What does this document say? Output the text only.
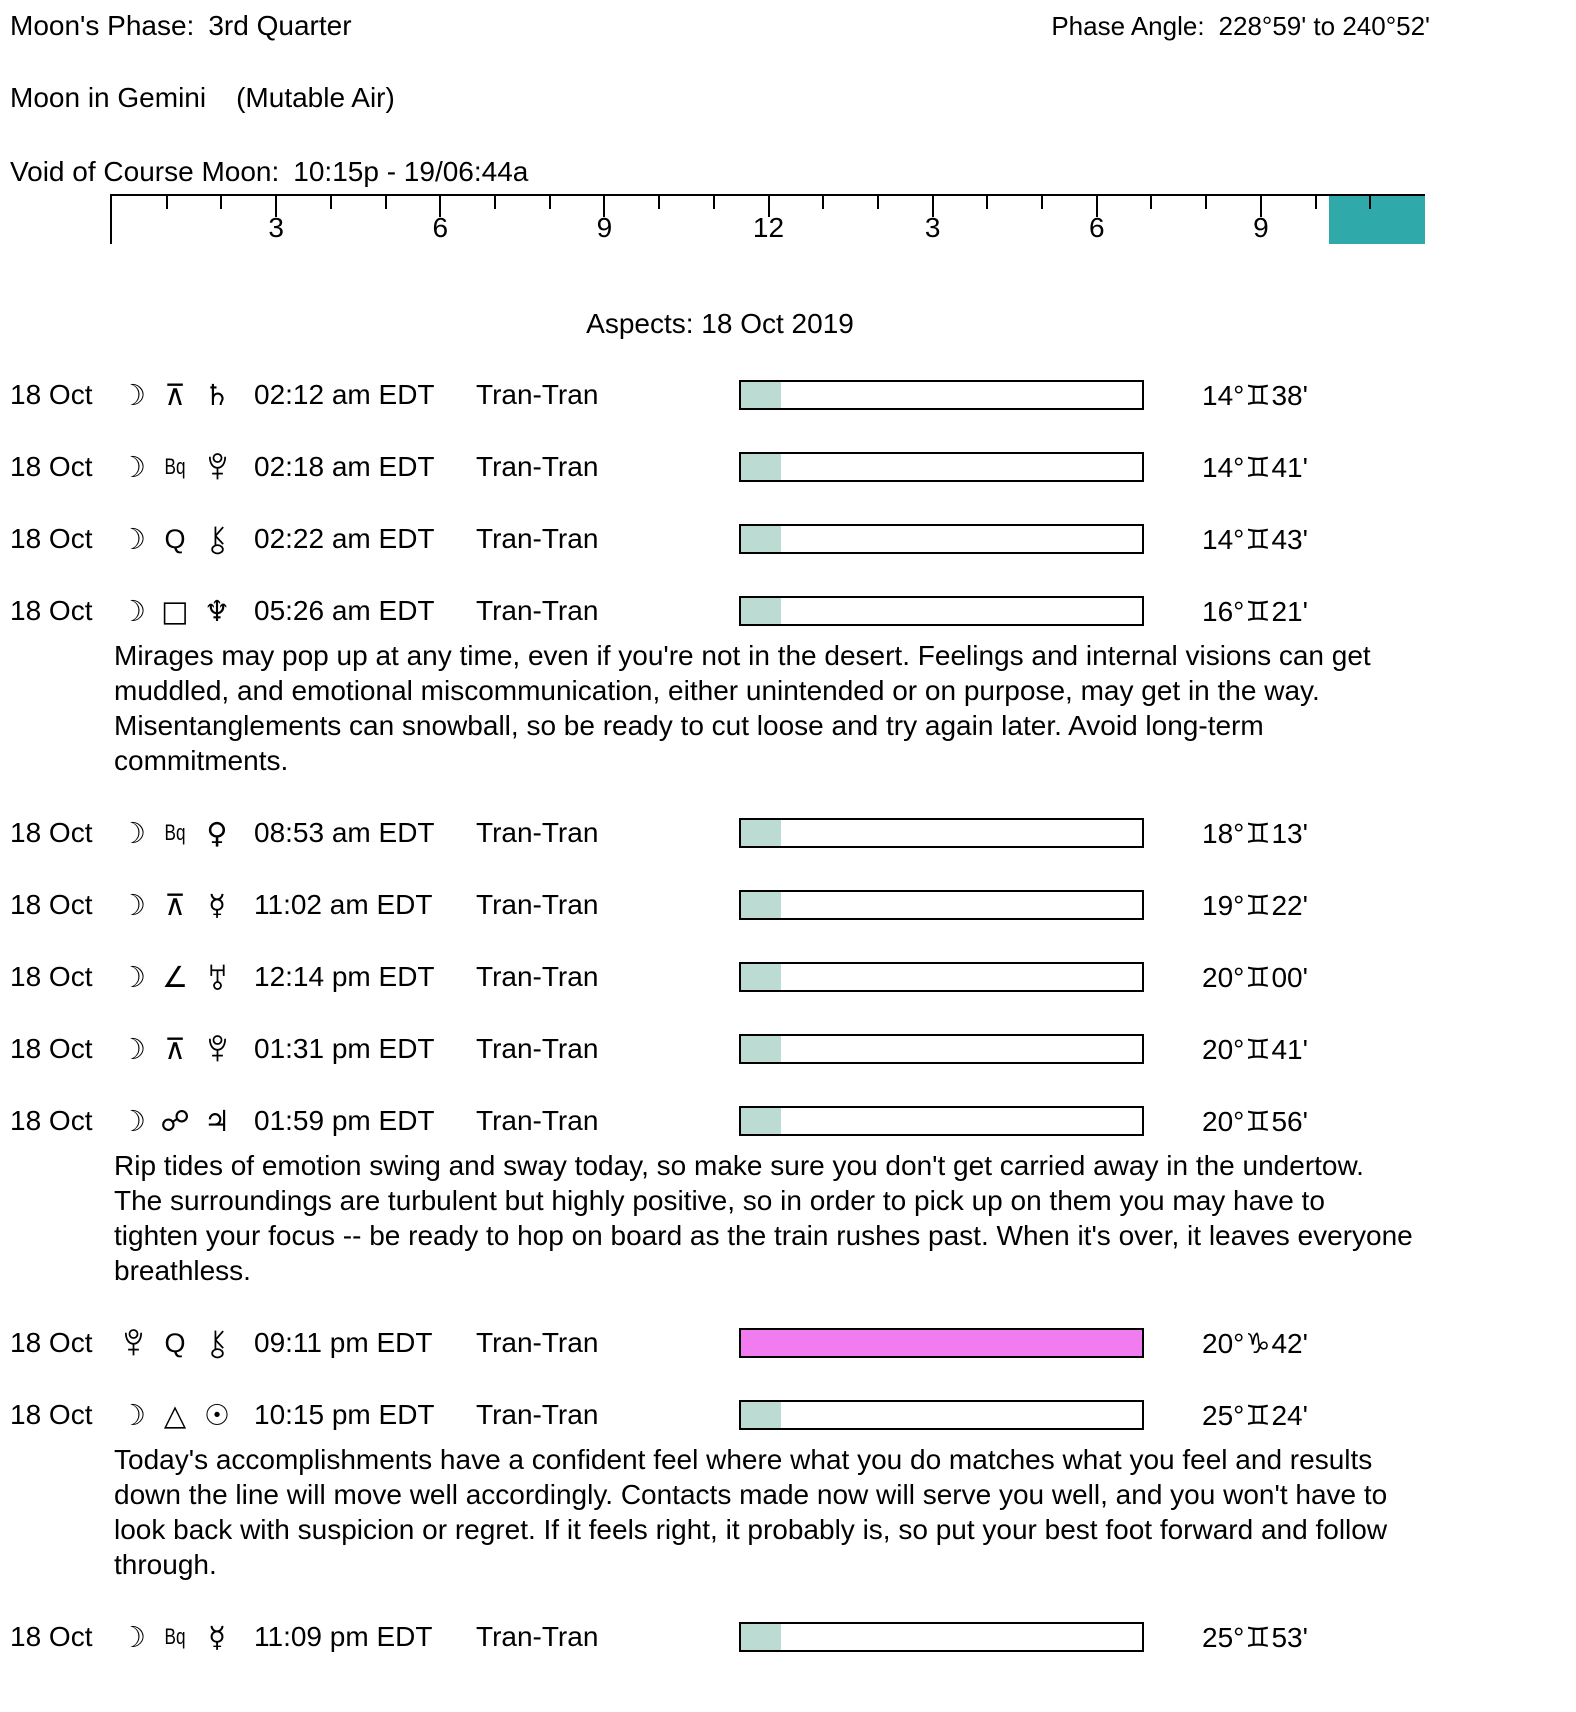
Moon's Phase: 3rd Quarter	Phase Angle: 228°59' to 240°52'
Moon in Gemini (Mutable Air)
Void of Course Moon: 10:15p - 19/06:44a
3	6	9	12	3	6	9
Aspects: 18 Oct 2019
18 Oct ☽ ⊼ ♄ 02:12 am EDT	Tran-Tran	14°♊38'
18 Oct ☽ Bq 02:18 am EDT	Tran-Tran	14°♊41'
18 Oct ☽ Q	02:22 am EDT	Tran-Tran	14°♊43'
18 Oct ☽ □ ♆ 05:26 am EDT	Tran-Tran	16°♊21'
Mirages may pop up at any time, even if you're not in the desert. Feelings and internal visions can get muddled, and emotional miscommunication, either unintended or on purpose, may get in the way. Misentanglements can snowball, so be ready to cut loose and try again later. Avoid long-term commitments.
18 Oct ☽ Bq ♀ 08:53 am EDT	Tran-Tran	18°♊13'
18 Oct ☽ ⊼ ☿	11:02 am EDT	Tran-Tran	19°♊22'
18 Oct ☽ ∠ 12:14 pm EDT	Tran-Tran	20°♊00'
18 Oct ☽ ⊼	01:31 pm EDT	Tran-Tran	20°♊41'
18 Oct ☽ ☍ ♃ 01:59 pm EDT	Tran-Tran	20°♊56'
Rip tides of emotion swing and sway today, so make sure you don't get carried away in the undertow. The surroundings are turbulent but highly positive, so in order to pick up on them you may have to tighten your focus -- be ready to hop on board as the train rushes past. When it's over, it leaves everyone breathless.
18 Oct	Q	09:11 pm EDT	Tran-Tran	20°♑42'
18 Oct ☽ △ ☉ 10:15 pm EDT	Tran-Tran	25°♊24'
Today's accomplishments have a confident feel where what you do matches what you feel and results down the line will move well accordingly. Contacts made now will serve you well, and you won't have to look back with suspicion or regret. If it feels right, it probably is, so put your best foot forward and follow through.
18 Oct ☽ Bq ☿	11:09 pm EDT	Tran-Tran	25°♊53'
